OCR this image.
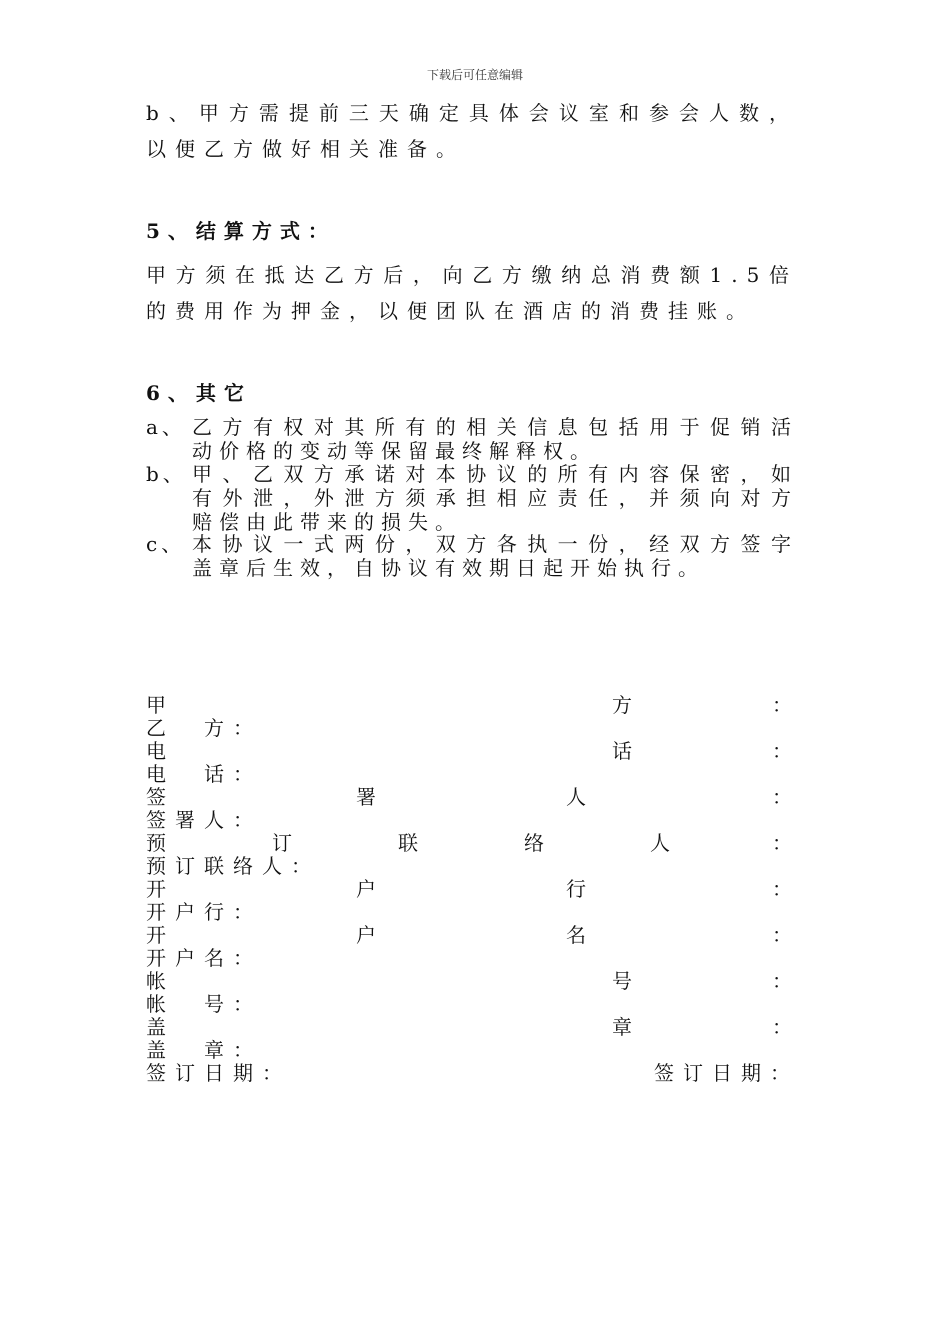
下载后可任意编辑

b、甲方需提前三天确定具体会议室和参会人数，

以便乙方做好相关准备。

5、结算方式：

甲方须在抵达乙方后，向乙方缴纳总消费额1.5倍

的费用作为押金，以便团队在酒店的消费挂账。

6、其它
a、 乙方有权对其所有的相关信息包括用于促销活
动价格的变动等保留最终解释权。
b、 甲、乙双方承诺对本协议的所有内容保密，如
有外泄，外泄方须承担相应责任，并须向对方
赔偿由此带来的损失。
c、 本协议一式两份，双方各执一份，经双方签字
盖章后生效，自协议有效期日起开始执行。
甲	方	：
乙　方：
电	话	：
电　话：
签	署	人	：
签署人：
预	订	联	络	人	：
预订联络人：
开	户	行	：
开户行：
开	户	名	：
开户名：
帐	号	：
帐　号：
盖	章	：
盖　章：
签订日期：	签订日期：
